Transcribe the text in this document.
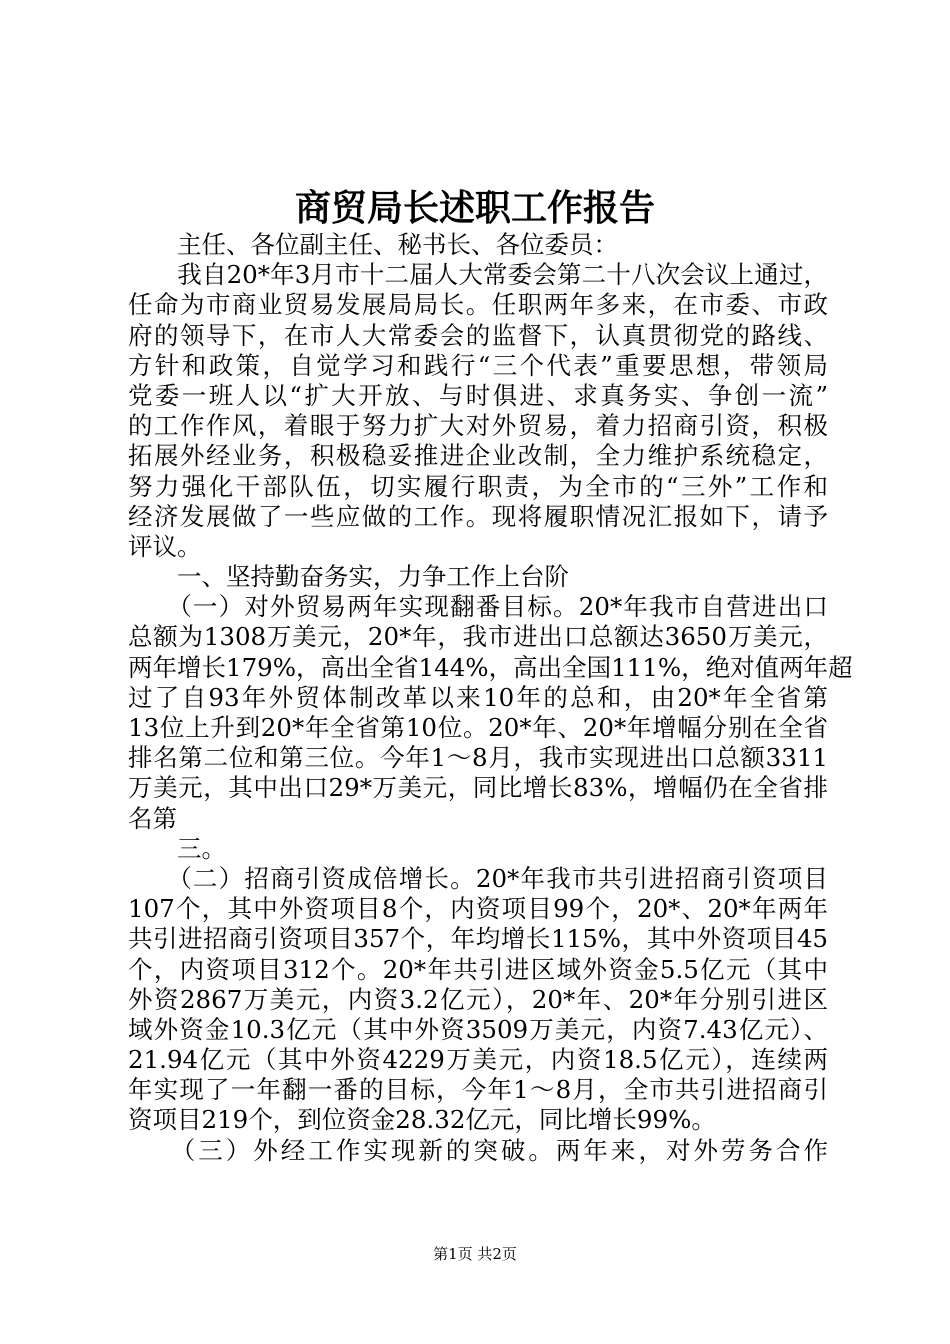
商贸局长述职工作报告
　　主任、各位副主任、秘书长、各位委员：
　　我自20*年3月市十二届人大常委会第二十八次会议上通过，
任命为市商业贸易发展局局长。任职两年多来，在市委、市政
府的领导下，在市人大常委会的监督下，认真贯彻党的路线、
方针和政策，自觉学习和践行“三个代表”重要思想，带领局
党委一班人以“扩大开放、与时俱进、求真务实、争创一流”
的工作作风，着眼于努力扩大对外贸易，着力招商引资，积极
拓展外经业务，积极稳妥推进企业改制，全力维护系统稳定，
努力强化干部队伍，切实履行职责，为全市的“三外”工作和
经济发展做了一些应做的工作。现将履职情况汇报如下，请予
评议。
　　一、坚持勤奋务实，力争工作上台阶
　　（一）对外贸易两年实现翻番目标。20*年我市自营进出口
总额为1308万美元，20*年，我市进出口总额达3650万美元，
两年增长179%，高出全省144%，高出全国111%，绝对值两年超
过了自93年外贸体制改革以来10年的总和，由20*年全省第
13位上升到20*年全省第10位。20*年、20*年增幅分别在全省
排名第二位和第三位。今年1～8月，我市实现进出口总额3311
万美元，其中出口29*万美元，同比增长83%，增幅仍在全省排
名第
　　三。
　　（二）招商引资成倍增长。20*年我市共引进招商引资项目
107个，其中外资项目8个，内资项目99个，20*、20*年两年
共引进招商引资项目357个，年均增长115%，其中外资项目45
个，内资项目312个。20*年共引进区域外资金5.5亿元（其中
外资2867万美元，内资3.2亿元），20*年、20*年分别引进区
域外资金10.3亿元（其中外资3509万美元，内资7.43亿元）、
21.94亿元（其中外资4229万美元，内资18.5亿元），连续两
年实现了一年翻一番的目标，今年1～8月，全市共引进招商引
资项目219个，到位资金28.32亿元，同比增长99%。
　　（三）外经工作实现新的突破。两年来，对外劳务合作
第1页 共2页
